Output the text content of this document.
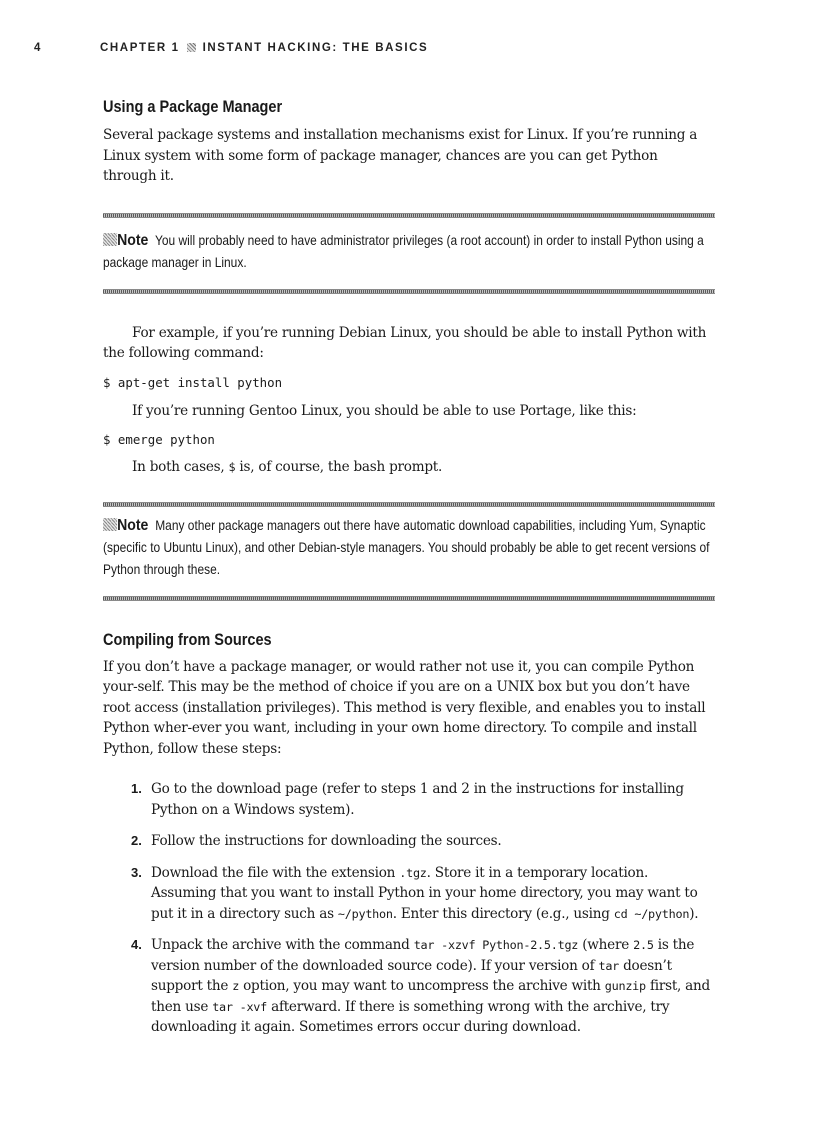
4	CHAPTER 1 INSTANT HACKING: THE BASICS
Using a Package Manager

Several package systems and installation mechanisms exist for Linux. If you’re running a Linux system with some form of package manager, chances are you can get Python through it.

Note You will probably need to have administrator privileges (a root account) in order to install Python using a package manager in Linux.

For example, if you’re running Debian Linux, you should be able to install Python with the following command:

$ apt-get install python

If you’re running Gentoo Linux, you should be able to use Portage, like this:

$ emerge python

In both cases, $ is, of course, the bash prompt.

Note Many other package managers out there have automatic download capabilities, including Yum, Synaptic (specific to Ubuntu Linux), and other Debian-style managers. You should probably be able to get recent versions of Python through these.

Compiling from Sources

If you don’t have a package manager, or would rather not use it, you can compile Python your-self. This may be the method of choice if you are on a UNIX box but you don’t have root access (installation privileges). This method is very flexible, and enables you to install Python wher-ever you want, including in your own home directory. To compile and install Python, follow these steps:

1. Go to the download page (refer to steps 1 and 2 in the instructions for installing Python on a Windows system).

2. Follow the instructions for downloading the sources.

3. Download the file with the extension .tgz. Store it in a temporary location. Assuming that you want to install Python in your home directory, you may want to put it in a directory such as ~/python. Enter this directory (e.g., using cd ~/python).

4. Unpack the archive with the command tar -xzvf Python-2.5.tgz (where 2.5 is the version number of the downloaded source code). If your version of tar doesn’t support the z option, you may want to uncompress the archive with gunzip first, and then use tar -xvf afterward. If there is something wrong with the archive, try downloading it again. Sometimes errors occur during download.
